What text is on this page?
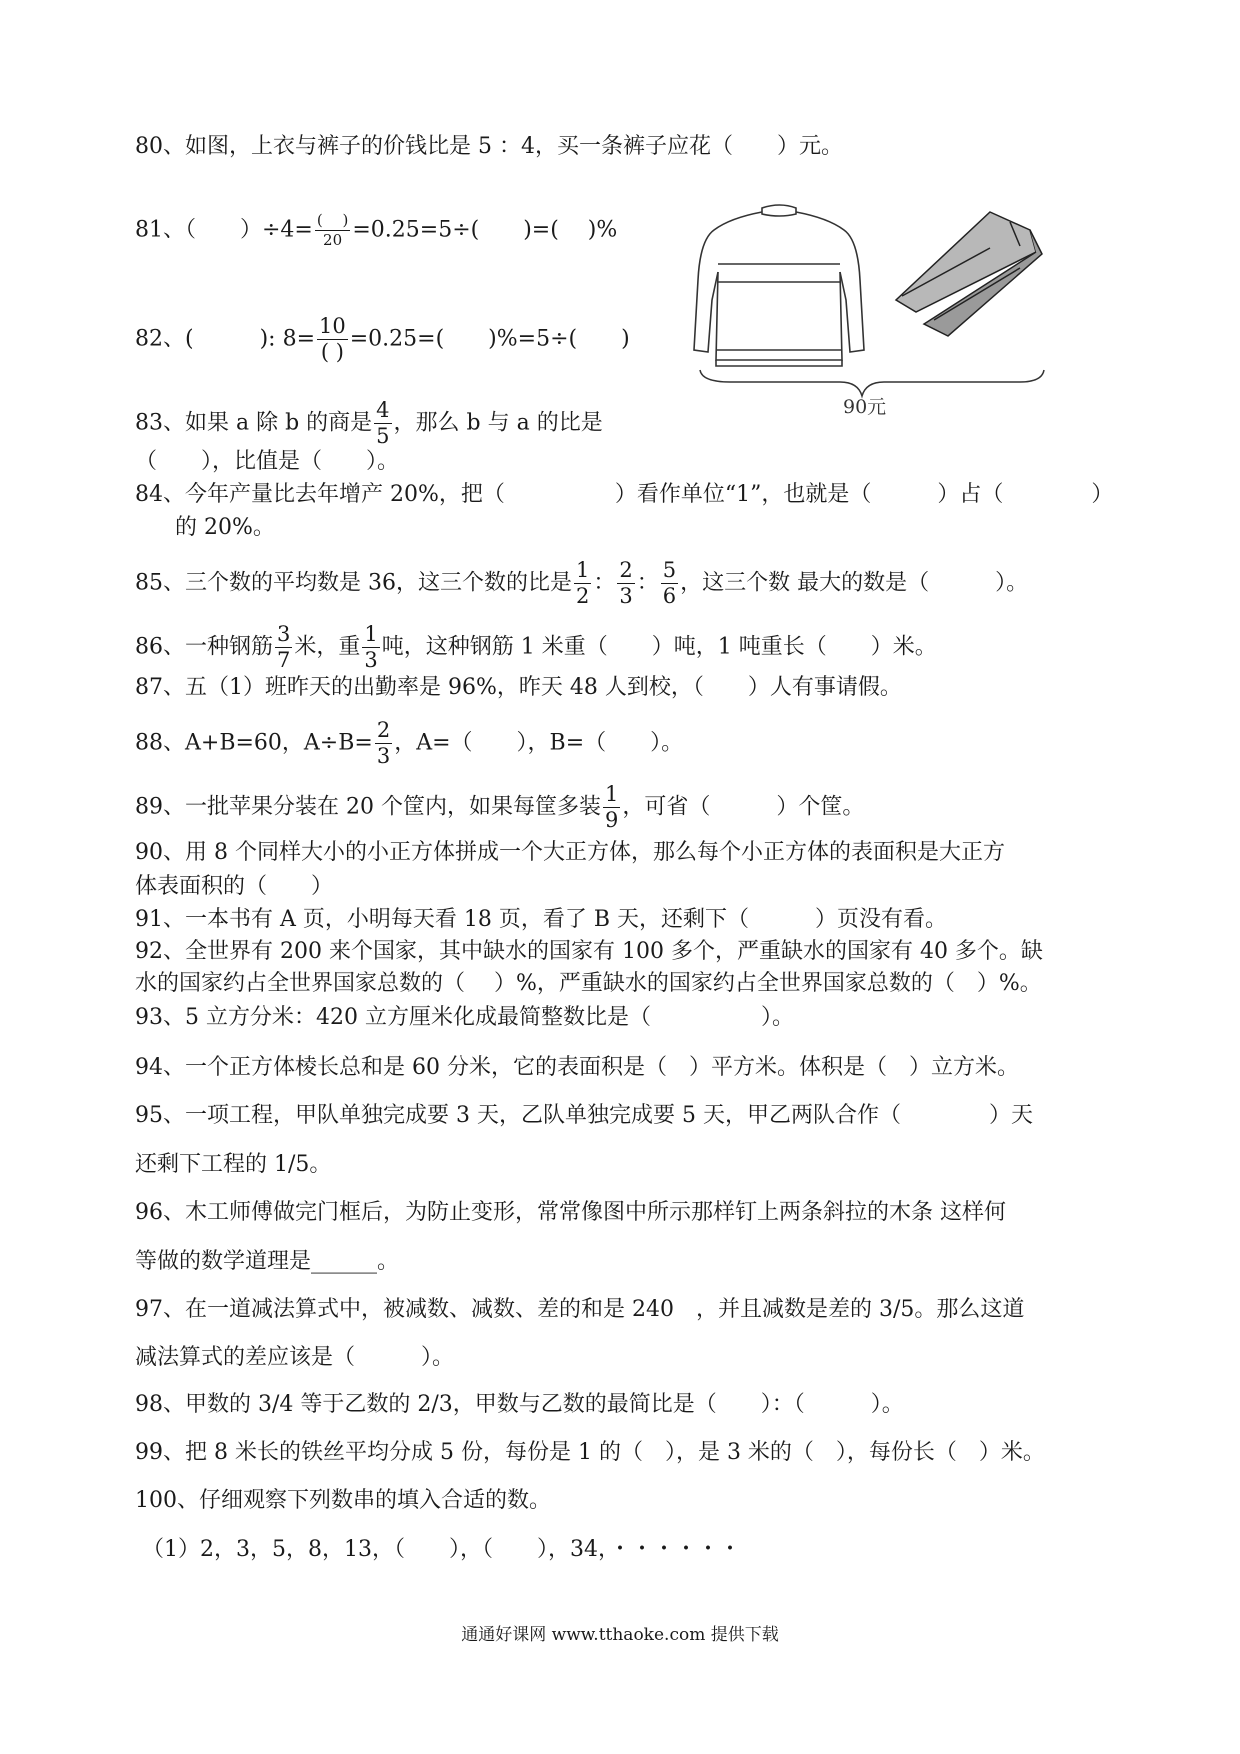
80、如图，上衣与裤子的价钱比是 5 ：4，买一条裤子应花（　　）元。
81、（　　）$\div 4= \frac{( )}{20} =0.25=5\div$(　　)=(　 )%
82、(　　　): $8= \frac{10}{( )} =0.25=$(　　)%=5÷(　　)
83、如果 a 除 b 的商是 $\frac{4}{5}$ ，那么 b 与 a 的比是
（　　），比值是（　　）。
84、今年产量比去年增产 20%，把（　　　　　）看作单位“1”，也就是（　　　）占（　　　　）
的 20%。
85、三个数的平均数是 36，这三个数的比是 $\frac{1}{2}$ ： $\frac{2}{3}$ ： $\frac{5}{6}$ ，这三个数 最大的数是（　　　）。
86、一种钢筋 $\frac{3}{7}$ 米，重 $\frac{1}{3}$ 吨，这种钢筋 1 米重（　　）吨，1 吨重长（　　）米。
87、五（1）班昨天的出勤率是 96%，昨天 48 人到校，（　　）人有事请假。
88、A+B=60，$A\div B= \frac{2}{3}$ ，A=（　　），B=（　　）。
89、一批苹果分装在 20 个筐内，如果每筐多装 $\frac{1}{9}$ ，可省（　　　）个筐。
90、用 8 个同样大小的小正方体拼成一个大正方体，那么每个小正方体的表面积是大正方
体表面积的（　　）
91、一本书有 A 页，小明每天看 18 页，看了 B 天，还剩下（　　　）页没有看。
92、全世界有 200 来个国家，其中缺水的国家有 100 多个，严重缺水的国家有 40 多个。缺
水的国家约占全世界国家总数的（　 ）%，严重缺水的国家约占全世界国家总数的（　）%。
93、5 立方分米：420 立方厘米化成最简整数比是（　　　　　）。
94、一个正方体棱长总和是 60 分米，它的表面积是（　）平方米。体积是（　）立方米。
95、一项工程，甲队单独完成要 3 天，乙队单独完成要 5 天，甲乙两队合作（　　　　）天
还剩下工程的 1/5。
96、木工师傅做完门框后，为防止变形，常常像图中所示那样钉上两条斜拉的木条 这样何
等做的数学道理是______。
97、在一道减法算式中，被减数、减数、差的和是 240　，并且减数是差的 3/5。那么这道
减法算式的差应该是（　　　）。
98、甲数的 3/4 等于乙数的 2/3，甲数与乙数的最简比是（　　）：（　　　）。
99、把 8 米长的铁丝平均分成 5 份，每份是 1 的（　），是 3 米的（　），每份长（　）米。
100、仔细观察下列数串的填入合适的数。
（1）2，3，5，8，13，（　　），（　　），34，・・・・・・
90元
通通好课网 www.tthaoke.com 提供下载
